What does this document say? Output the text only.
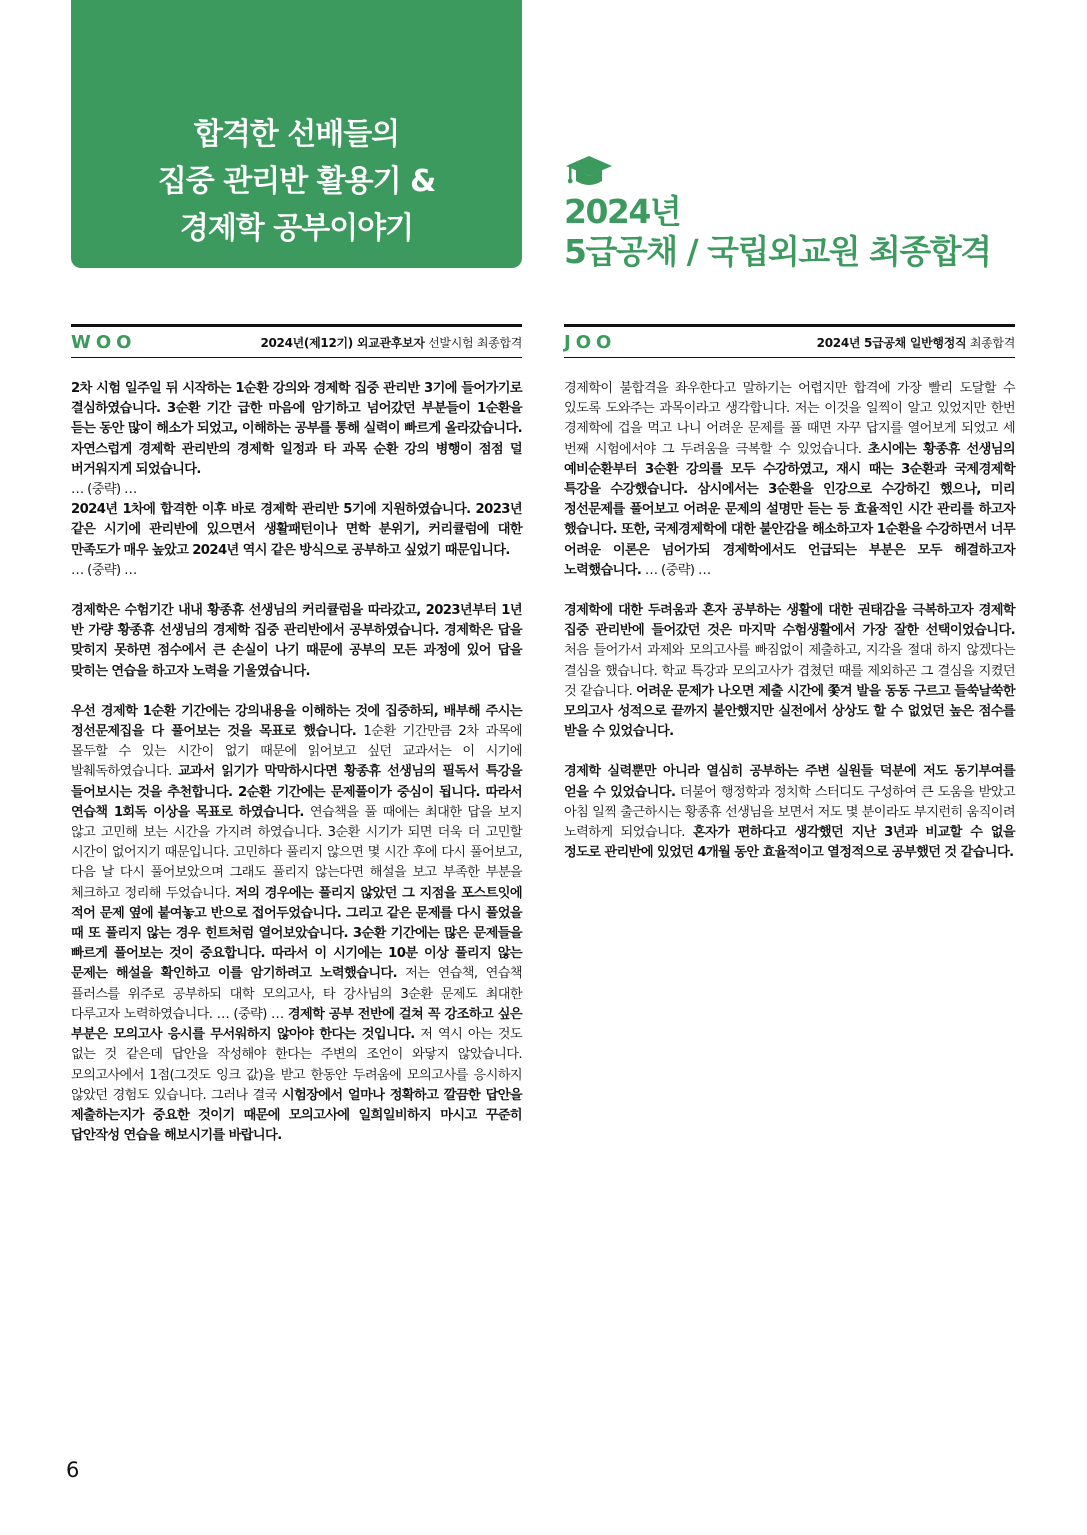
합격한 선배들의
집중 관리반 활용기 &
경제학 공부이야기	2024년
5급공채 / 국립외교원 최종합격
WOO	2024년(제12기) 외교관후보자 선발시험 최종합격

2차 시험 일주일 뒤 시작하는 1순환 강의와 경제학 집중 관리반 3기에 들어가기로 결심하였습니다. 3순환 기간 급한 마음에 암기하고 넘어갔던 부분들이 1순환을 듣는 동안 많이 해소가 되었고, 이해하는 공부를 통해 실력이 빠르게 올라갔습니다. 자연스럽게 경제학 관리반의 경제학 일정과 타 과목 순환 강의 병행이 점점 덜 버거워지게 되었습니다.

… (중략) …

2024년 1차에 합격한 이후 바로 경제학 관리반 5기에 지원하였습니다. 2023년 같은 시기에 관리반에 있으면서 생활패턴이나 면학 분위기, 커리큘럼에 대한 만족도가 매우 높았고 2024년 역시 같은 방식으로 공부하고 싶었기 때문입니다.

… (중략) …

경제학은 수험기간 내내 황종휴 선생님의 커리큘럼을 따라갔고, 2023년부터 1년 반 가량 황종휴 선생님의 경제학 집중 관리반에서 공부하였습니다. 경제학은 답을 맞히지 못하면 점수에서 큰 손실이 나기 때문에 공부의 모든 과정에 있어 답을 맞히는 연습을 하고자 노력을 기울였습니다.

우선 경제학 1순환 기간에는 강의내용을 이해하는 것에 집중하되, 배부해 주시는 정선문제집을 다 풀어보는 것을 목표로 했습니다. 1순환 기간만큼 2차 과목에 몰두할 수 있는 시간이 없기 때문에 읽어보고 싶던 교과서는 이 시기에 발췌독하였습니다. 교과서 읽기가 막막하시다면 황종휴 선생님의 필독서 특강을 들어보시는 것을 추천합니다. 2순환 기간에는 문제풀이가 중심이 됩니다. 따라서 연습책 1회독 이상을 목표로 하였습니다. 연습책을 풀 때에는 최대한 답을 보지 않고 고민해 보는 시간을 가지려 하였습니다. 3순환 시기가 되면 더욱 더 고민할 시간이 없어지기 때문입니다. 고민하다 풀리지 않으면 몇 시간 후에 다시 풀어보고, 다음 날 다시 풀어보았으며 그래도 풀리지 않는다면 해설을 보고 부족한 부분을 체크하고 정리해 두었습니다. 저의 경우에는 풀리지 않았던 그 지점을 포스트잇에 적어 문제 옆에 붙여놓고 반으로 접어두었습니다. 그리고 같은 문제를 다시 풀었을 때 또 풀리지 않는 경우 힌트처럼 열어보았습니다. 3순환 기간에는 많은 문제들을 빠르게 풀어보는 것이 중요합니다. 따라서 이 시기에는 10분 이상 풀리지 않는 문제는 해설을 확인하고 이를 암기하려고 노력했습니다. 저는 연습책, 연습책 플러스를 위주로 공부하되 대학 모의고사, 타 강사님의 3순환 문제도 최대한 다루고자 노력하였습니다. … (중략) … 경제학 공부 전반에 걸쳐 꼭 강조하고 싶은 부분은 모의고사 응시를 무서워하지 않아야 한다는 것입니다. 저 역시 아는 것도 없는 것 같은데 답안을 작성해야 한다는 주변의 조언이 와닿지 않았습니다. 모의고사에서 1점(그것도 잉크 값)을 받고 한동안 두려움에 모의고사를 응시하지 않았던 경험도 있습니다. 그러나 결국 시험장에서 얼마나 정확하고 깔끔한 답안을 제출하는지가 중요한 것이기 때문에 모의고사에 일희일비하지 마시고 꾸준히 답안작성 연습을 해보시기를 바랍니다.

JOO	2024년 5급공채 일반행정직 최종합격

경제학이 불합격을 좌우한다고 말하기는 어렵지만 합격에 가장 빨리 도달할 수 있도록 도와주는 과목이라고 생각합니다. 저는 이것을 일찍이 알고 있었지만 한번 경제학에 겁을 먹고 나니 어려운 문제를 풀 때면 자꾸 답지를 열어보게 되었고 세 번째 시험에서야 그 두려움을 극복할 수 있었습니다. 초시에는 황종휴 선생님의 예비순환부터 3순환 강의를 모두 수강하였고, 재시 때는 3순환과 국제경제학 특강을 수강했습니다. 삼시에서는 3순환을 인강으로 수강하긴 했으나, 미리 정선문제를 풀어보고 어려운 문제의 설명만 듣는 등 효율적인 시간 관리를 하고자 했습니다. 또한, 국제경제학에 대한 불안감을 해소하고자 1순환을 수강하면서 너무 어려운 이론은 넘어가되 경제학에서도 언급되는 부분은 모두 해결하고자 노력했습니다. … (중략) …

경제학에 대한 두려움과 혼자 공부하는 생활에 대한 권태감을 극복하고자 경제학 집중 관리반에 들어갔던 것은 마지막 수험생활에서 가장 잘한 선택이었습니다. 처음 들어가서 과제와 모의고사를 빠짐없이 제출하고, 지각을 절대 하지 않겠다는 결심을 했습니다. 학교 특강과 모의고사가 겹쳤던 때를 제외하곤 그 결심을 지켰던 것 같습니다. 어려운 문제가 나오면 제출 시간에 쫓겨 발을 동동 구르고 들쑥날쑥한 모의고사 성적으로 끝까지 불안했지만 실전에서 상상도 할 수 없었던 높은 점수를 받을 수 있었습니다.

경제학 실력뿐만 아니라 열심히 공부하는 주변 실원들 덕분에 저도 동기부여를 얻을 수 있었습니다. 더불어 행정학과 정치학 스터디도 구성하여 큰 도움을 받았고 아침 일찍 출근하시는 황종휴 선생님을 보면서 저도 몇 분이라도 부지런히 움직이려 노력하게 되었습니다. 혼자가 편하다고 생각했던 지난 3년과 비교할 수 없을 정도로 관리반에 있었던 4개월 동안 효율적이고 열정적으로 공부했던 것 같습니다.

6
